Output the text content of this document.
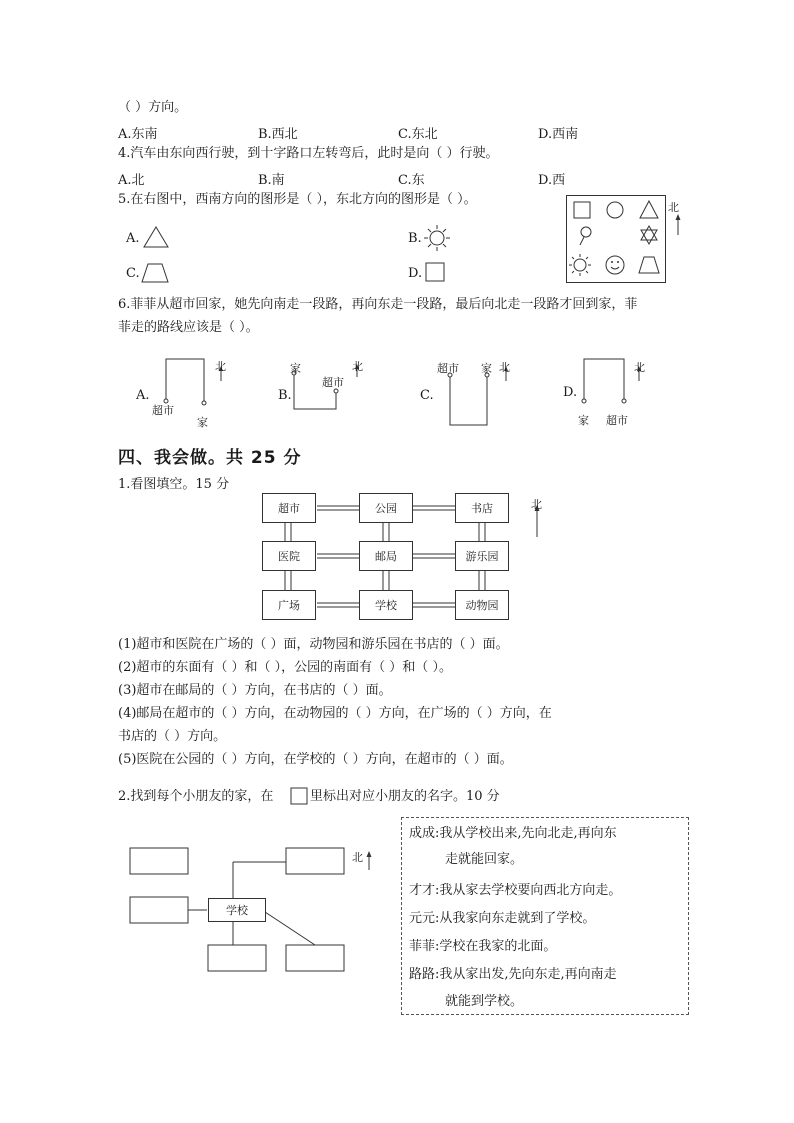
（ ）方向。
A.东南	B.西北	C.东北	D.西南
4.汽车由东向西行驶，到十字路口左转弯后，此时是向（ ）行驶。
A.北	B.南	C.东	D.西
5.在右图中，西南方向的图形是（ ），东北方向的图形是（ ）。
A.	B.
C.	D.
北
6.菲菲从超市回家，她先向南走一段路，再向东走一段路，最后向北走一段路才回到家，菲
菲走的路线应该是（ ）。
A.
超市
家
北
B.
家
超市
北
C.
超市 家 北
D.
家 超市
北
四、我会做。共 25 分
1.看图填空。15 分
北
超市	公园	书店
医院	邮局	游乐园
广场	学校	动物园
(1)超市和医院在广场的（ ）面，动物园和游乐园在书店的（ ）面。
(2)超市的东面有（ ）和（ ），公园的南面有（ ）和（ ）。
(3)超市在邮局的（ ）方向，在书店的（ ）面。
(4)邮局在超市的（ ）方向，在动物园的（ ）方向，在广场的（ ）方向，在
书店的（ ）方向。
(5)医院在公园的（ ）方向，在学校的（ ）方向，在超市的（ ）面。
2.找到每个小朋友的家，在	里标出对应小朋友的名字。10 分
学校
北
成成:我从学校出来,先向北走,再向东
走就能回家。
才才:我从家去学校要向西北方向走。
元元:从我家向东走就到了学校。
菲菲:学校在我家的北面。
路路:我从家出发,先向东走,再向南走
就能到学校。
